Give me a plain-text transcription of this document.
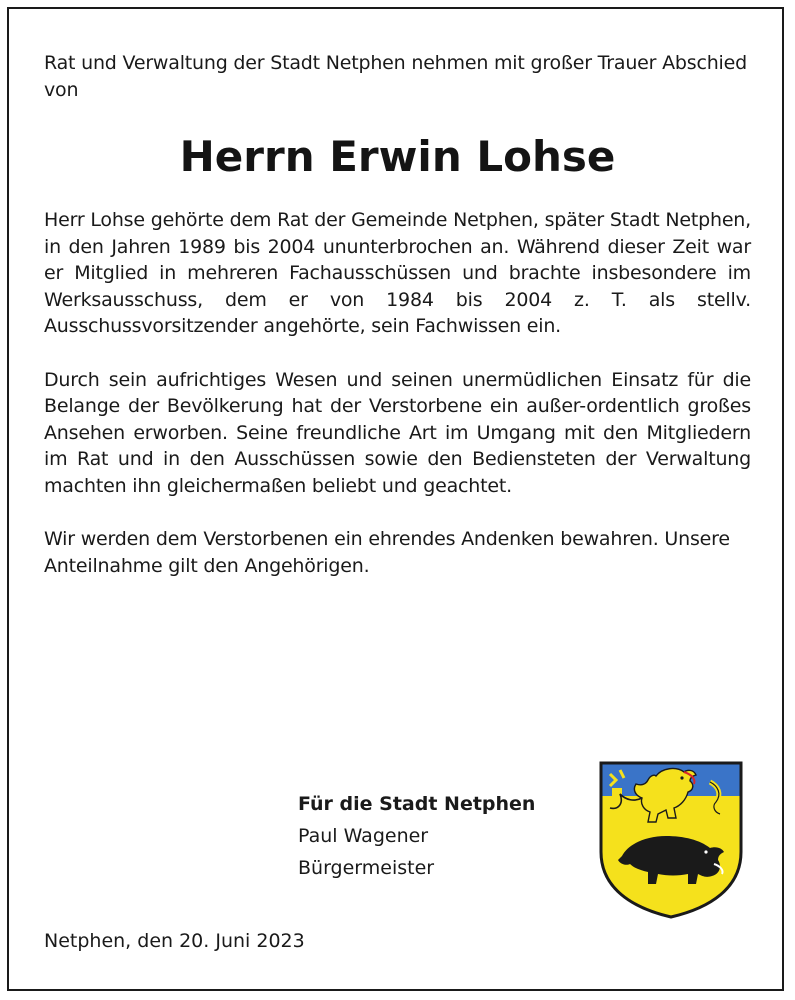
Rat und Verwaltung der Stadt Netphen nehmen mit großer Trauer Abschied von

Herrn Erwin Lohse

Herr Lohse gehörte dem Rat der Gemeinde Netphen, später Stadt Netphen, in den Jahren 1989 bis 2004 ununterbrochen an. Während dieser Zeit war er Mitglied in mehreren Fachausschüssen und brachte insbesondere im Werksausschuss, dem er von 1984 bis 2004 z. T. als stellv. Ausschussvorsitzender angehörte, sein Fachwissen ein.

Durch sein aufrichtiges Wesen und seinen unermüdlichen Einsatz für die Belange der Bevölkerung hat der Verstorbene ein außer-ordentlich großes Ansehen erworben. Seine freundliche Art im Umgang mit den Mitgliedern im Rat und in den Ausschüssen sowie den Bediensteten der Verwaltung machten ihn gleichermaßen beliebt und geachtet.

Wir werden dem Verstorbenen ein ehrendes Andenken bewahren. Unsere Anteilnahme gilt den Angehörigen.

Für die Stadt Netphen
Paul Wagener
Bürgermeister
Netphen, den 20. Juni 2023
